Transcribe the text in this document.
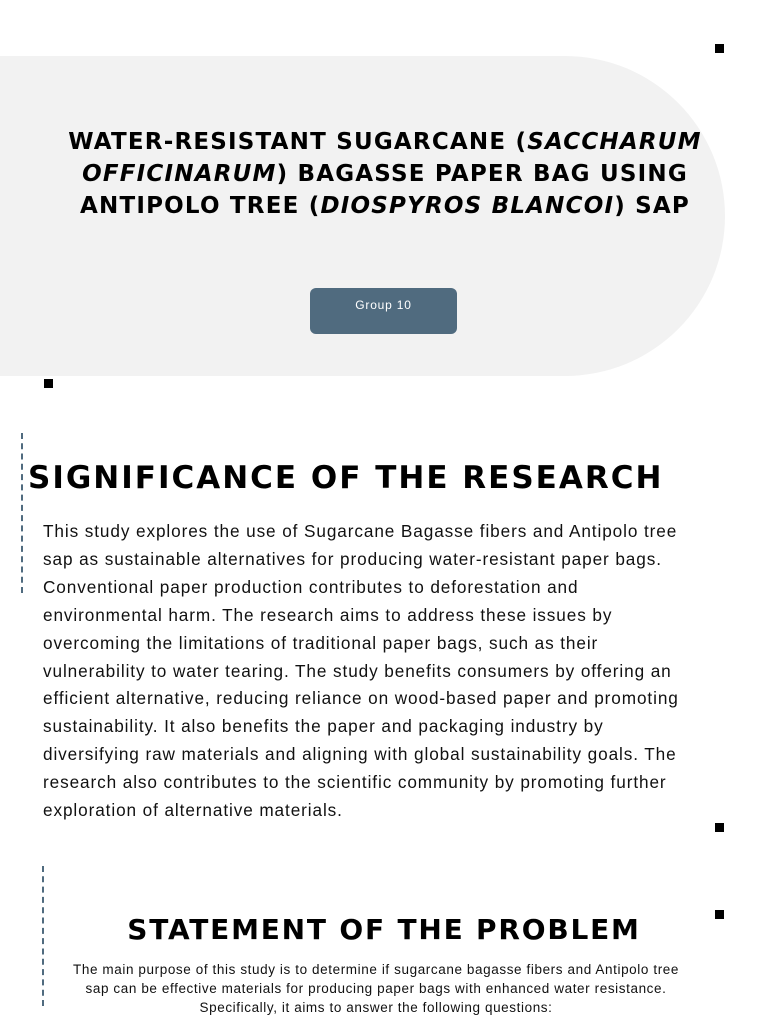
WATER-RESISTANT SUGARCANE (SACCHARUM OFFICINARUM) BAGASSE PAPER BAG USING ANTIPOLO TREE (DIOSPYROS BLANCOI) SAP
Group 10
SIGNIFICANCE OF THE RESEARCH

This study explores the use of Sugarcane Bagasse fibers and Antipolo tree sap as sustainable alternatives for producing water-resistant paper bags. Conventional paper production contributes to deforestation and environmental harm. The research aims to address these issues by overcoming the limitations of traditional paper bags, such as their vulnerability to water tearing. The study benefits consumers by offering an efficient alternative, reducing reliance on wood-based paper and promoting sustainability. It also benefits the paper and packaging industry by diversifying raw materials and aligning with global sustainability goals. The research also contributes to the scientific community by promoting further exploration of alternative materials.

STATEMENT OF THE PROBLEM

The main purpose of this study is to determine if sugarcane bagasse fibers and Antipolo tree sap can be effective materials for producing paper bags with enhanced water resistance.

Specifically, it aims to answer the following questions:
